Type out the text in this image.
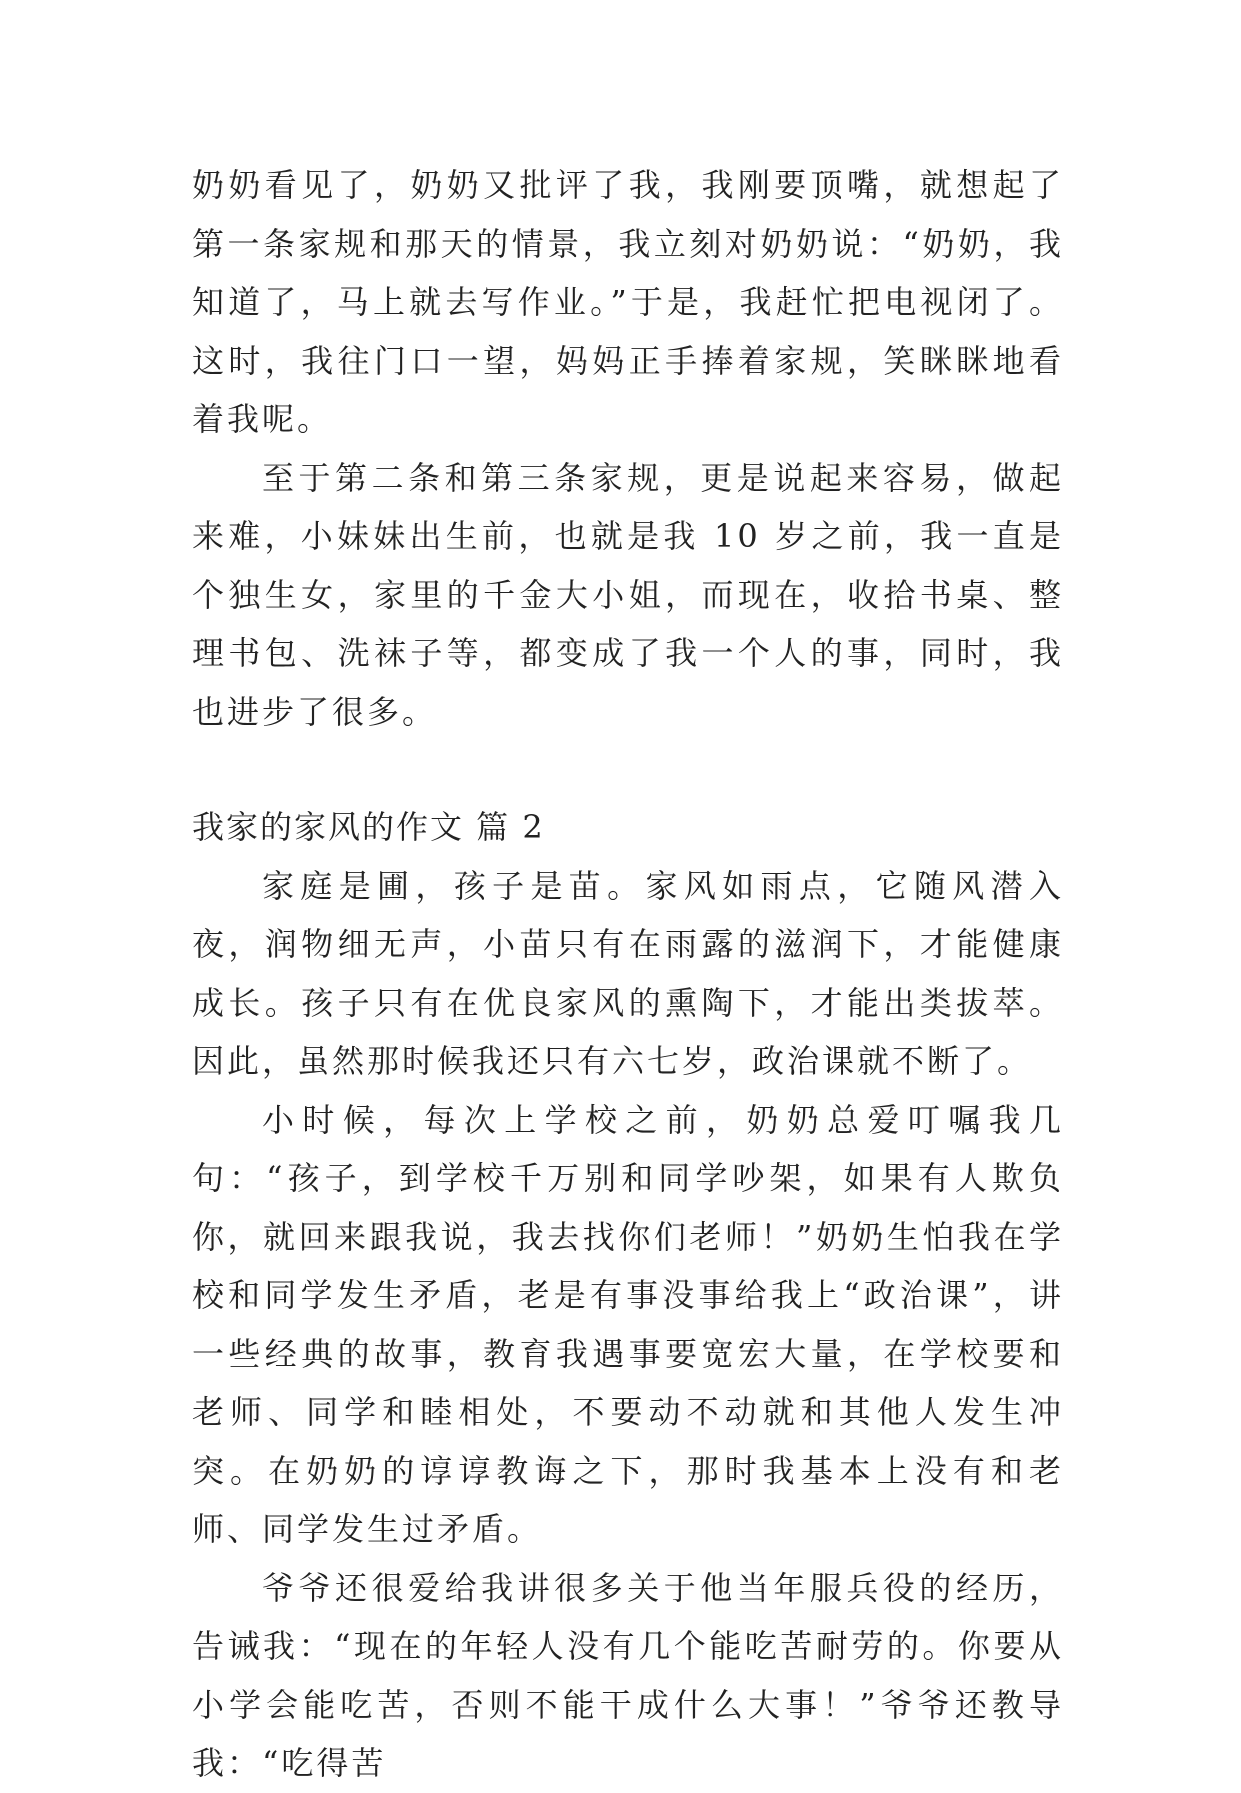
奶奶看见了，奶奶又批评了我，我刚要顶嘴，就想起了第一条家规和那天的情景，我立刻对奶奶说：“奶奶，我知道了，马上就去写作业。”于是，我赶忙把电视闭了。这时，我往门口一望，妈妈正手捧着家规，笑眯眯地看着我呢。

至于第二条和第三条家规，更是说起来容易，做起来难，小妹妹出生前，也就是我 10 岁之前，我一直是个独生女，家里的千金大小姐，而现在，收拾书桌、整理书包、洗袜子等，都变成了我一个人的事，同时，我也进步了很多。

我家的家风的作文 篇 2

家庭是圃，孩子是苗。家风如雨点，它随风潜入夜，润物细无声，小苗只有在雨露的滋润下，才能健康成长。孩子只有在优良家风的熏陶下，才能出类拔萃。因此，虽然那时候我还只有六七岁，政治课就不断了。

小时候，每次上学校之前，奶奶总爱叮嘱我几句：“孩子，到学校千万别和同学吵架，如果有人欺负你，就回来跟我说，我去找你们老师！”奶奶生怕我在学校和同学发生矛盾，老是有事没事给我上“政治课”，讲一些经典的故事，教育我遇事要宽宏大量，在学校要和老师、同学和睦相处，不要动不动就和其他人发生冲突。在奶奶的谆谆教诲之下，那时我基本上没有和老师、同学发生过矛盾。

爷爷还很爱给我讲很多关于他当年服兵役的经历，告诫我：“现在的年轻人没有几个能吃苦耐劳的。你要从小学会能吃苦，否则不能干成什么大事！”爷爷还教导我：“吃得苦
